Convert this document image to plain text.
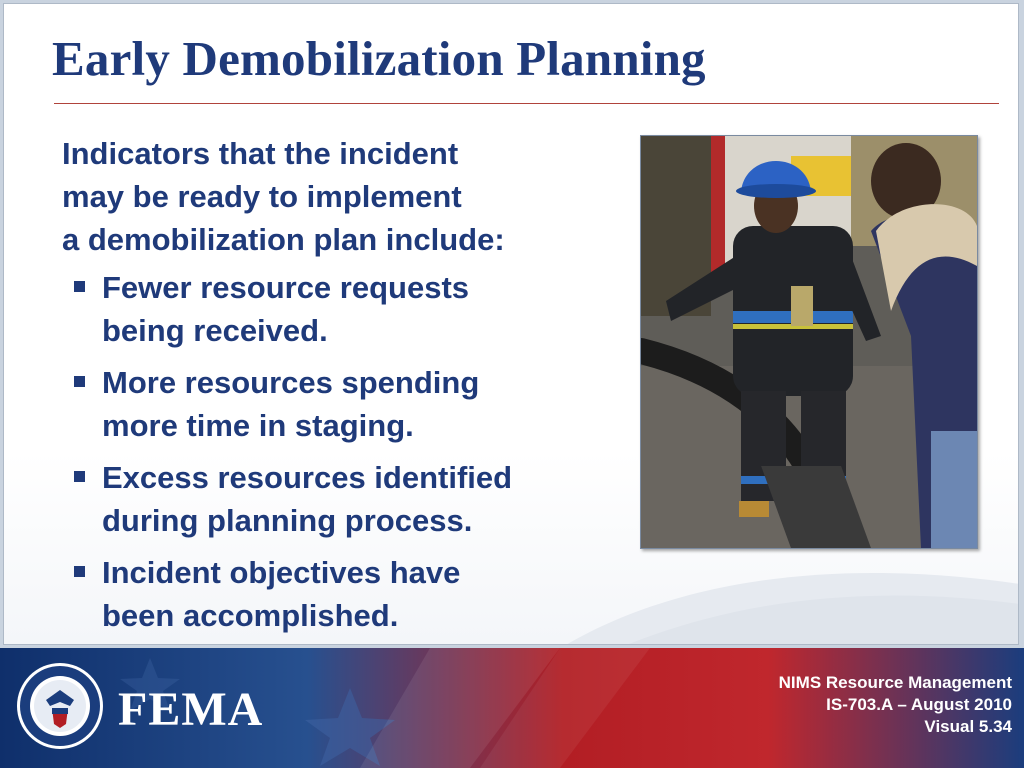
Early Demobilization Planning
Indicators that the incident
may be ready to implement
a demobilization plan include:
Fewer resource requests
being received.
More resources spending
more time in staging.
Excess resources identified
during planning process.
Incident objectives have
been accomplished.
FEMA
NIMS Resource Management
IS-703.A – August 2010
Visual 5.34
